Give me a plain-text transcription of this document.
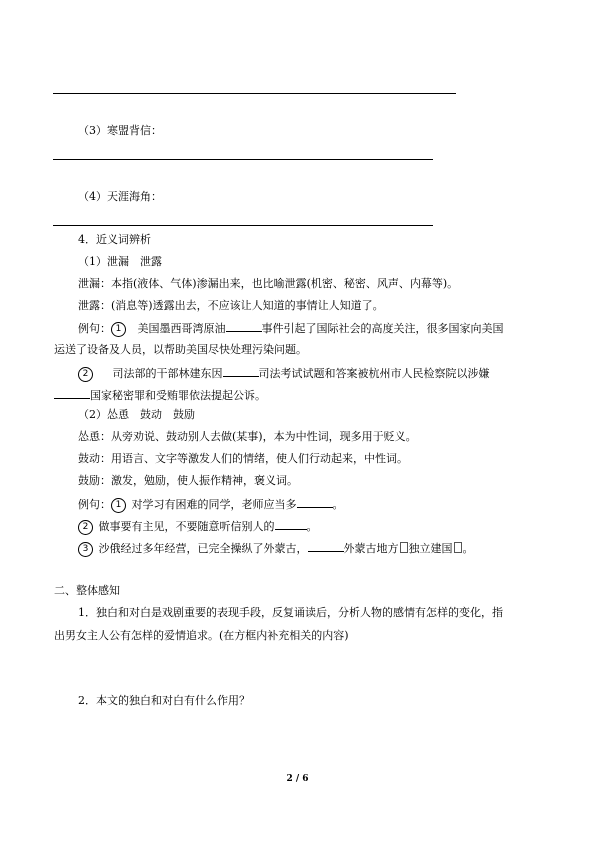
（3）寒盟背信：
（4）天涯海角：
4．近义词辨析
（1）泄漏　泄露
泄漏：本指(液体、气体)渗漏出来，也比喻泄露(机密、秘密、风声、内幕等)。
泄露：(消息等)透露出去，不应该让人知道的事情让人知道了。
例句： 1 美国墨西哥湾原油	事件引起了国际社会的高度关注，很多国家向美国
运送了设备及人员，以帮助美国尽快处理污染问题。
2 司法部的干部林建东因	司法考试试题和答案被杭州市人民检察院以涉嫌
国家秘密罪和受贿罪依法提起公诉。
（2）怂恿　鼓动　鼓励
怂恿：从旁劝说、鼓动别人去做(某事)，本为中性词，现多用于贬义。
鼓动：用语言、文字等激发人们的情绪，使人们行动起来，中性词。
鼓励：激发，勉励，使人振作精神，褒义词。
例句： 1 对学习有困难的同学，老师应当多	。
2 做事要有主见，不要随意听信别人的	。
3 沙俄经过多年经营，已完全操纵了外蒙古，	外蒙古地方 独立建国 。
二、整体感知
1．独白和对白是戏剧重要的表现手段，反复诵读后，分析人物的感情有怎样的变化，指
出男女主人公有怎样的爱情追求。(在方框内补充相关的内容)
2．本文的独白和对白有什么作用？
2 / 6
